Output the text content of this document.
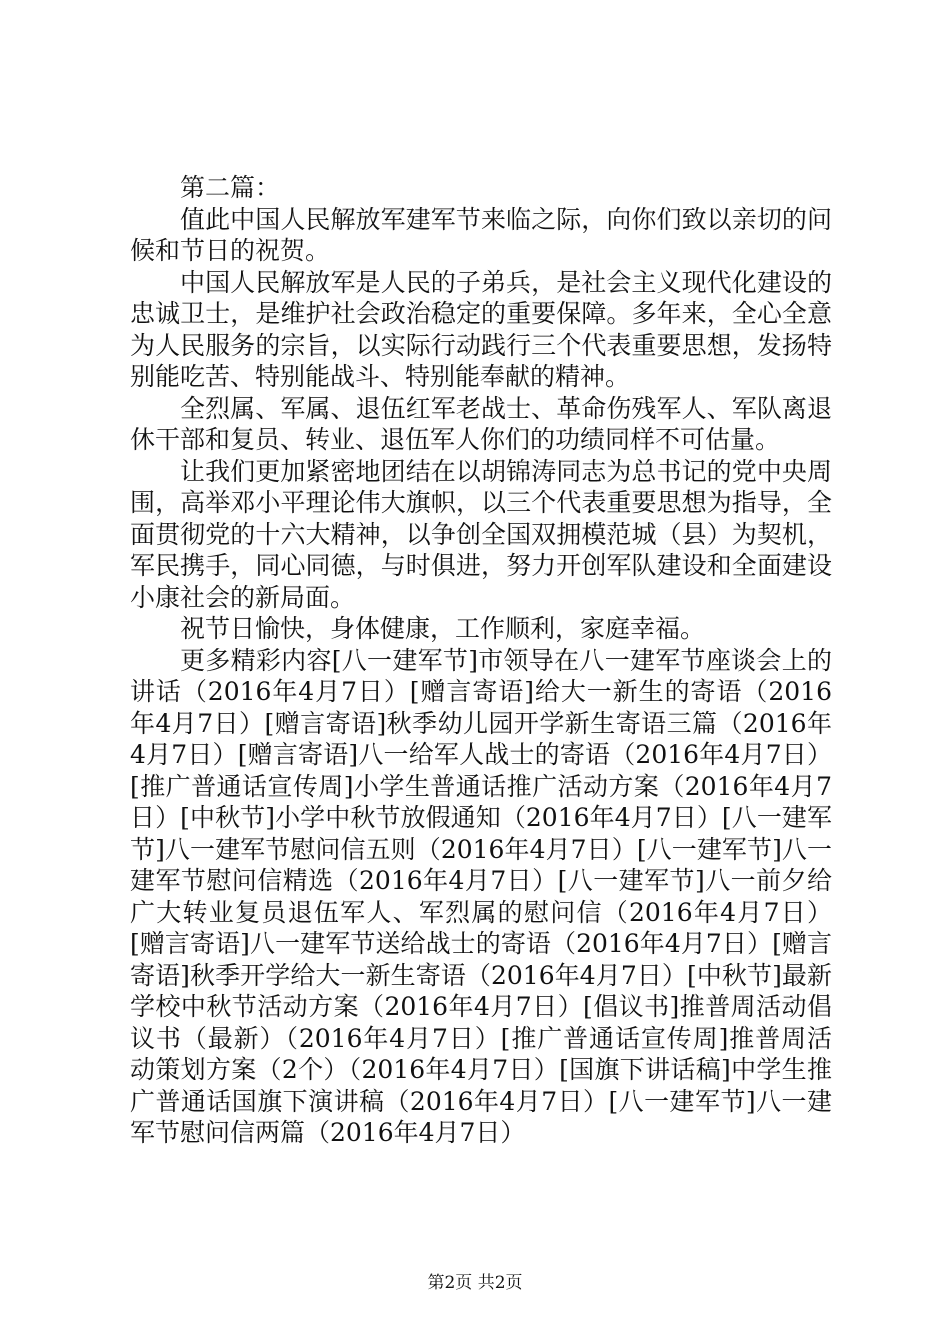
第二篇：

值此中国人民解放军建军节来临之际，向你们致以亲切的问候和节日的祝贺。

中国人民解放军是人民的子弟兵，是社会主义现代化建设的忠诚卫士，是维护社会政治稳定的重要保障。多年来，全心全意为人民服务的宗旨，以实际行动践行三个代表重要思想，发扬特别能吃苦、特别能战斗、特别能奉献的精神。

全烈属、军属、退伍红军老战士、革命伤残军人、军队离退休干部和复员、转业、退伍军人你们的功绩同样不可估量。

让我们更加紧密地团结在以胡锦涛同志为总书记的党中央周围，高举邓小平理论伟大旗帜，以三个代表重要思想为指导，全面贯彻党的十六大精神，以争创全国双拥模范城（县）为契机，军民携手，同心同德，与时俱进，努力开创军队建设和全面建设小康社会的新局面。

祝节日愉快，身体健康，工作顺利，家庭幸福。

更多精彩内容[八一建军节]市领导在八一建军节座谈会上的讲话（2016年4月7日）[赠言寄语]给大一新生的寄语（2016年4月7日）[赠言寄语]秋季幼儿园开学新生寄语三篇（2016年4月7日）[赠言寄语]八一给军人战士的寄语（2016年4月7日）[推广普通话宣传周]小学生普通话推广活动方案（2016年4月7日）[中秋节]小学中秋节放假通知（2016年4月7日）[八一建军节]八一建军节慰问信五则（2016年4月7日）[八一建军节]八一建军节慰问信精选（2016年4月7日）[八一建军节]八一前夕给广大转业复员退伍军人、军烈属的慰问信（2016年4月7日）[赠言寄语]八一建军节送给战士的寄语（2016年4月7日）[赠言寄语]秋季开学给大一新生寄语（2016年4月7日）[中秋节]最新学校中秋节活动方案（2016年4月7日）[倡议书]推普周活动倡议书（最新）（2016年4月7日）[推广普通话宣传周]推普周活动策划方案（2个）（2016年4月7日）[国旗下讲话稿]中学生推广普通话国旗下演讲稿（2016年4月7日）[八一建军节]八一建军节慰问信两篇（2016年4月7日）

第2页 共2页
